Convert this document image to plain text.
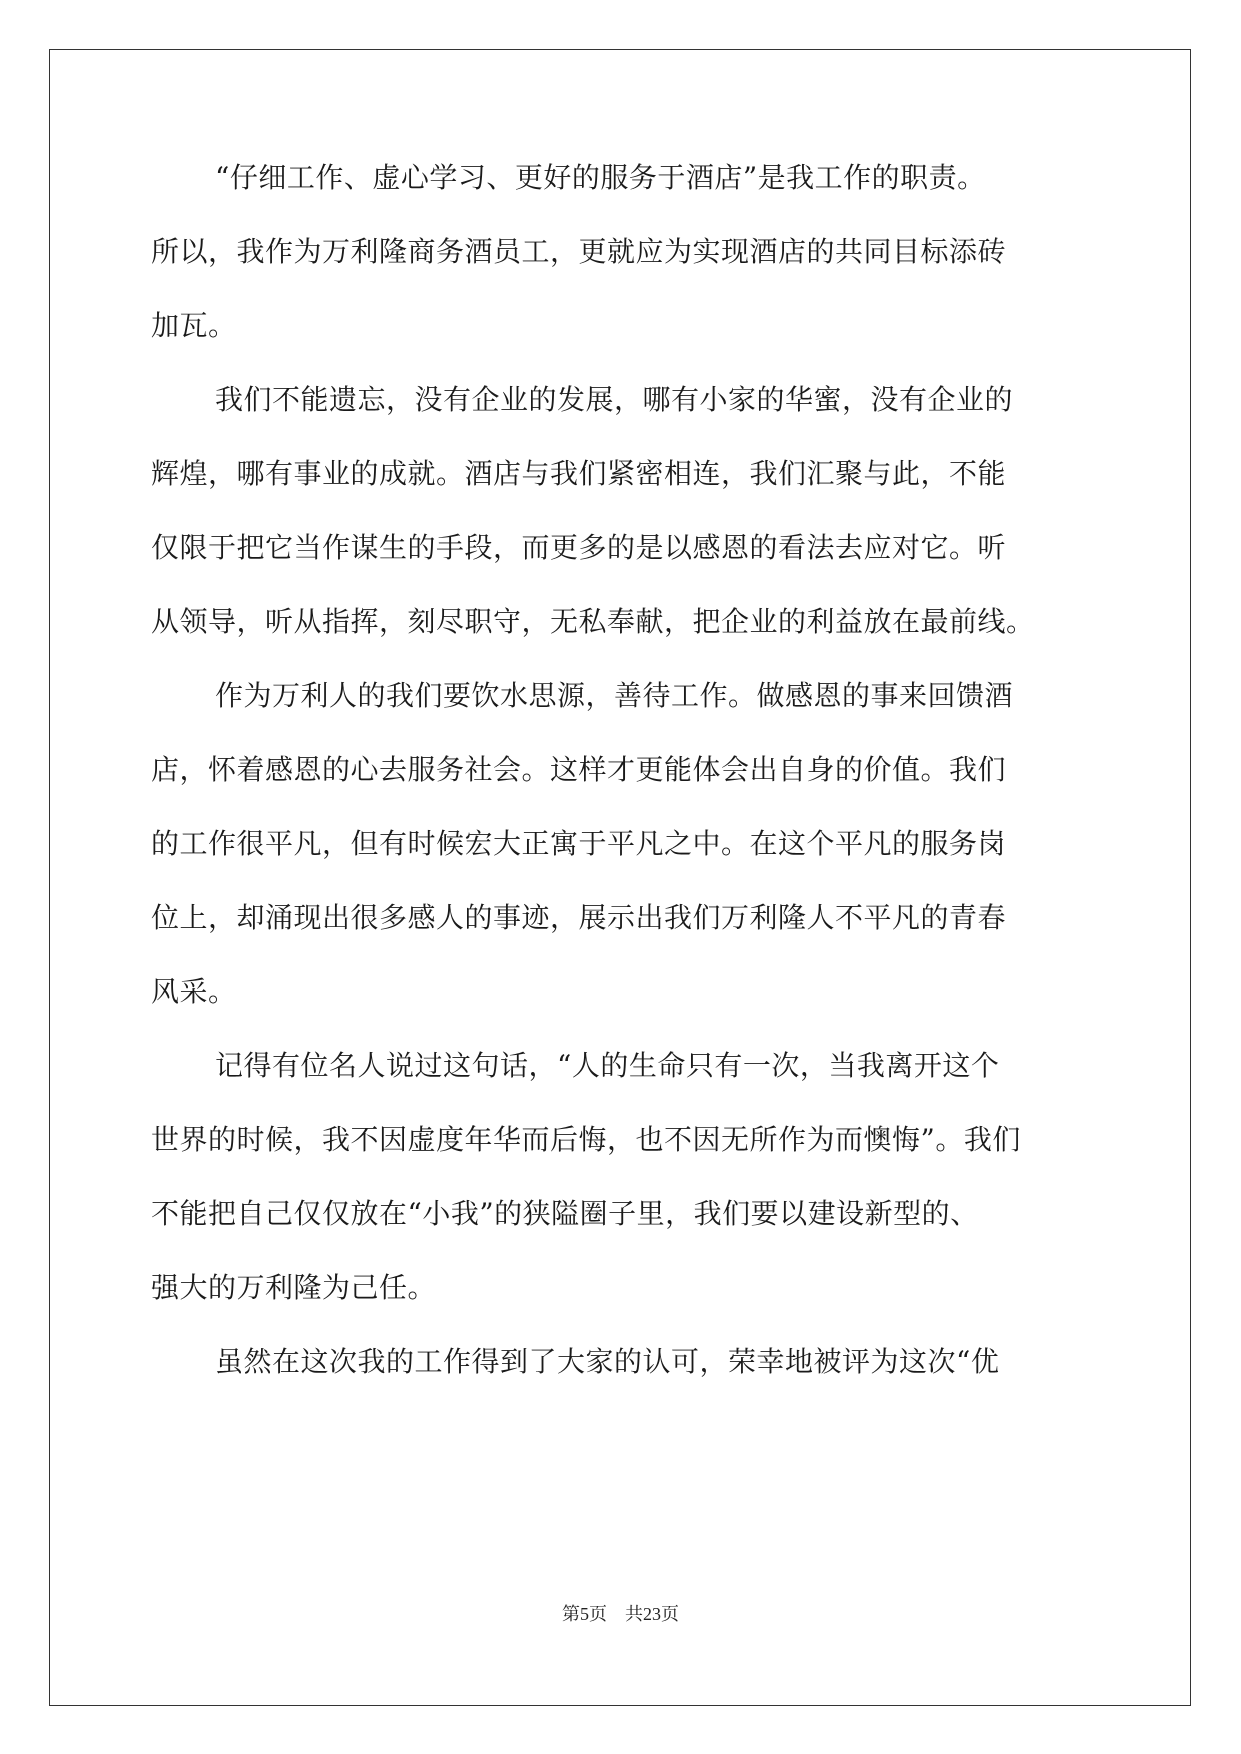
“仔细工作、虚心学习、更好的服务于酒店”是我工作的职责。
所以，我作为万利隆商务酒员工，更就应为实现酒店的共同目标添砖
加瓦。
我们不能遗忘，没有企业的发展，哪有小家的华蜜，没有企业的
辉煌，哪有事业的成就。酒店与我们紧密相连，我们汇聚与此，不能
仅限于把它当作谋生的手段，而更多的是以感恩的看法去应对它。听
从领导，听从指挥，刻尽职守，无私奉献，把企业的利益放在最前线。
作为万利人的我们要饮水思源，善待工作。做感恩的事来回馈酒
店，怀着感恩的心去服务社会。这样才更能体会出自身的价值。我们
的工作很平凡，但有时候宏大正寓于平凡之中。在这个平凡的服务岗
位上，却涌现出很多感人的事迹，展示出我们万利隆人不平凡的青春
风采。
记得有位名人说过这句话，“人的生命只有一次，当我离开这个
世界的时候，我不因虚度年华而后悔，也不因无所作为而懊悔”。我们
不能把自己仅仅放在“小我”的狭隘圈子里，我们要以建设新型的、
强大的万利隆为己任。
虽然在这次我的工作得到了大家的认可，荣幸地被评为这次“优
第5页 共23页
